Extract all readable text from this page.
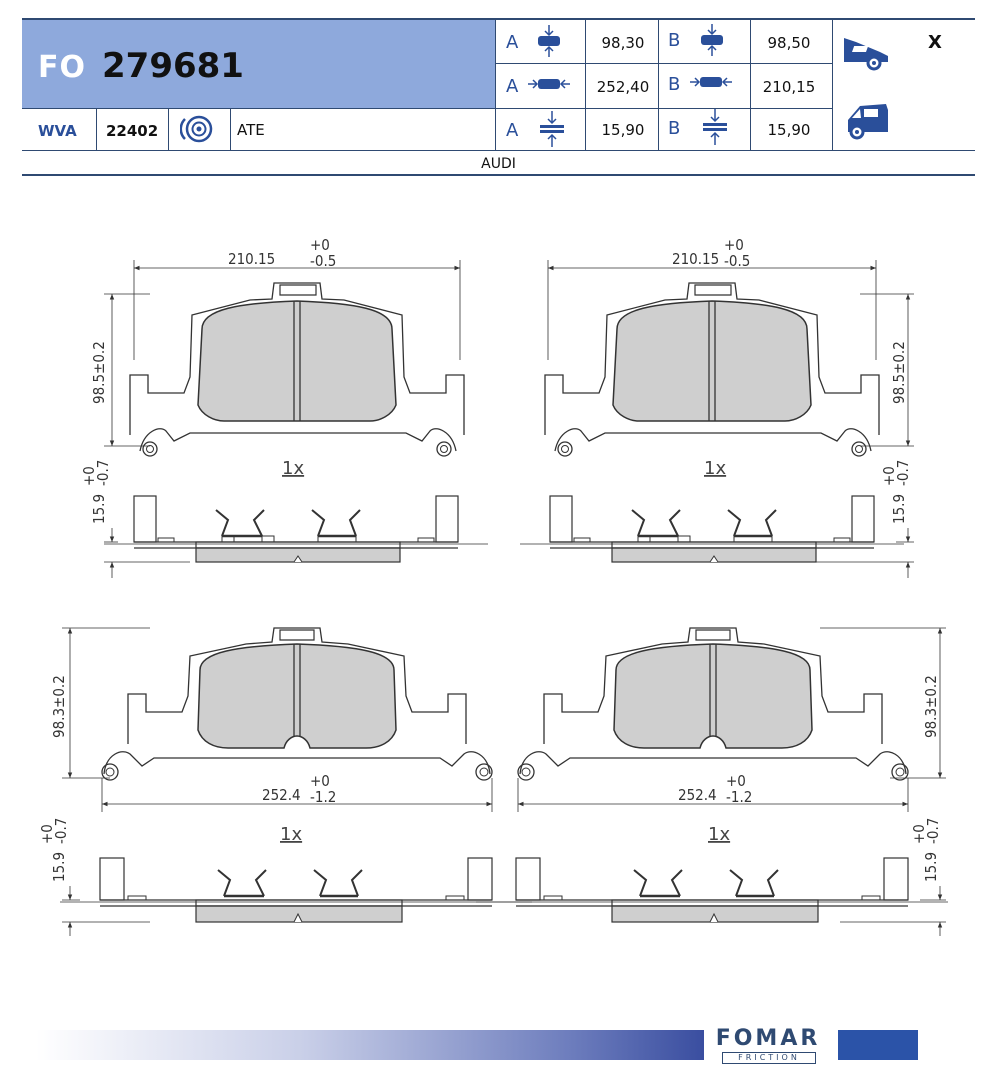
FO 279681
WVA 22402	ATE
A	98,30	B	98,50
A	252,40	B	210,15
A	15,90	B	15,90
X
AUDI
210.15
+0
-0.5
98.5±0.2
1x
15.9
+0
-0.7
210.15
+0
-0.5
98.5±0.2
1x
15.9
+0
-0.7
98.3±0.2
252.4
+0
-1.2
1x
15.9
+0
-0.7
98.3±0.2
252.4
+0
-1.2
1x
15.9
+0
-0.7
FOMAR
FRICTION
